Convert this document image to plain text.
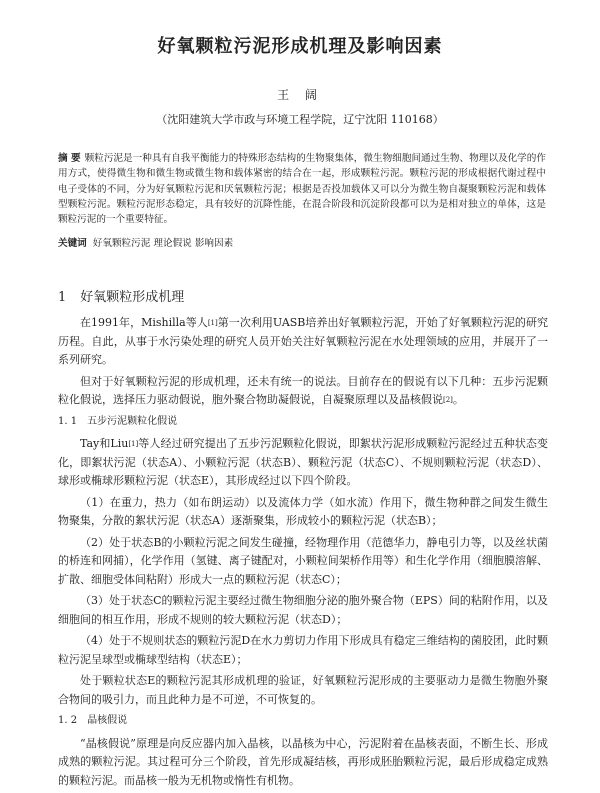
好氧颗粒污泥形成机理及影响因素
王 阔
（沈阳建筑大学市政与环境工程学院，辽宁沈阳 110168）
摘 要 颗粒污泥是一种具有自我平衡能力的特殊形态结构的生物聚集体，微生物细胞间通过生物、物理以及化学的作用方式，使得微生物和微生物或微生物和载体紧密的结合在一起，形成颗粒污泥。颗粒污泥的形成根据代谢过程中电子受体的不同，分为好氧颗粒污泥和厌氧颗粒污泥；根据是否投加载体又可以分为微生物自凝聚颗粒污泥和载体型颗粒污泥。颗粒污泥形态稳定，具有较好的沉降性能，在混合阶段和沉淀阶段都可以为是相对独立的单体，这是颗粒污泥的一个重要特征。
关键词 好氧颗粒污泥 理论假说 影响因素
1 好氧颗粒形成机理

在1991年，Mishilla等人[1]第一次利用UASB培养出好氧颗粒污泥，开始了好氧颗粒污泥的研究历程。自此，从事于水污染处理的研究人员开始关注好氧颗粒污泥在水处理领域的应用，并展开了一系列研究。

但对于好氧颗粒污泥的形成机理，还未有统一的说法。目前存在的假说有以下几种：五步污泥颗粒化假说，选择压力驱动假说，胞外聚合物助凝假说，自凝聚原理以及晶核假说[2]。

1. 1 五步污泥颗粒化假说

Tay和Liu[1]等人经过研究提出了五步污泥颗粒化假说，即絮状污泥形成颗粒污泥经过五种状态变化，即絮状污泥（状态A）、小颗粒污泥（状态B）、颗粒污泥（状态C）、不规则颗粒污泥（状态D）、球形或椭球形颗粒污泥（状态E），其形成经过以下四个阶段。

（1）在重力，热力（如布朗运动）以及流体力学（如水流）作用下，微生物种群之间发生微生物聚集，分散的絮状污泥（状态A）逐渐聚集，形成较小的颗粒污泥（状态B）；

（2）处于状态B的小颗粒污泥之间发生碰撞，经物理作用（范德华力，静电引力等，以及丝状菌的桥连和网捕），化学作用（氢键、离子键配对，小颗粒间架桥作用等）和生化学作用（细胞膜溶解、扩散、细胞受体间粘附）形成大一点的颗粒污泥（状态C）；

（3）处于状态C的颗粒污泥主要经过微生物细胞分泌的胞外聚合物（EPS）间的粘附作用，以及细胞间的相互作用，形成不规则的较大颗粒污泥（状态D）；

（4）处于不规则状态的颗粒污泥D在水力剪切力作用下形成具有稳定三维结构的菌胶团，此时颗粒污泥呈球型或椭球型结构（状态E）；

处于颗粒状态E的颗粒污泥其形成机理的验证，好氧颗粒污泥形成的主要驱动力是微生物胞外聚合物间的吸引力，而且此种力是不可逆，不可恢复的。

1. 2 晶核假说

“晶核假说”原理是向反应器内加入晶核，以晶核为中心，污泥附着在晶核表面，不断生长、形成成熟的颗粒污泥。其过程可分三个阶段，首先形成凝结核，再形成胚胎颗粒污泥，最后形成稳定成熟的颗粒污泥。而晶核一般为无机物或惰性有机物。
